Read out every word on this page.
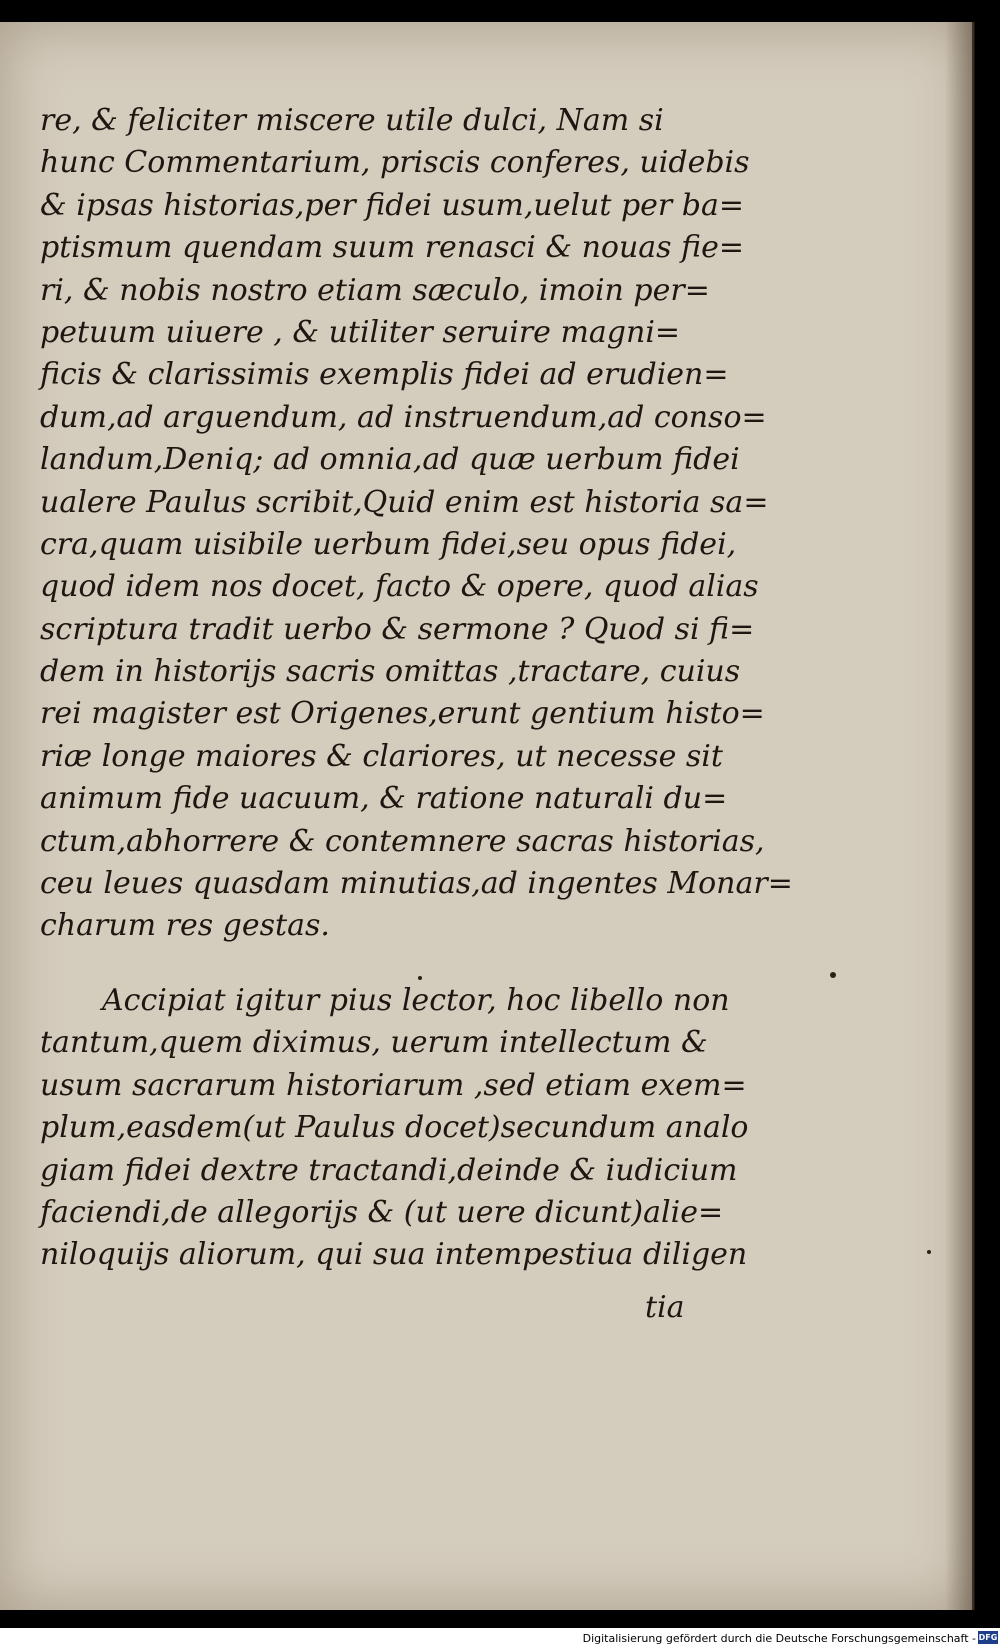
re, & feliciter miscere utile dulci, Nam si
hunc Commentarium, priscis conferes, uidebis
& ipsas historias,per fidei usum,uelut per ba=
ptismum quendam suum renasci & nouas fie=
ri, & nobis nostro etiam sæculo, imoin per=
petuum uiuere , & utiliter seruire magni=
ficis & clarissimis exemplis fidei ad erudien=
dum,ad arguendum, ad instruendum,ad conso=
landum,Deniq; ad omnia,ad quæ uerbum fidei
ualere Paulus scribit,Quid enim est historia sa=
cra,quam uisibile uerbum fidei,seu opus fidei,
quod idem nos docet, facto & opere, quod alias
scriptura tradit uerbo & sermone ? Quod si fi=
dem in historijs sacris omittas ,tractare, cuius
rei magister est Origenes,erunt gentium histo=
riæ longe maiores & clariores, ut necesse sit
animum fide uacuum, & ratione naturali du=
ctum,abhorrere & contemnere sacras historias,
ceu leues quasdam minutias,ad ingentes Monar=
charum res gestas.
Accipiat igitur pius lector, hoc libello non
tantum,quem diximus, uerum intellectum &
usum sacrarum historiarum ,sed etiam exem=
plum,easdem(ut Paulus docet)secundum analo
giam fidei dextre tractandi,deinde & iudicium
faciendi,de allegorijs & (ut uere dicunt)alie=
niloquijs aliorum, qui sua intempestiua diligen
tia
Digitalisierung gefördert durch die Deutsche Forschungsgemeinschaft - DFG
